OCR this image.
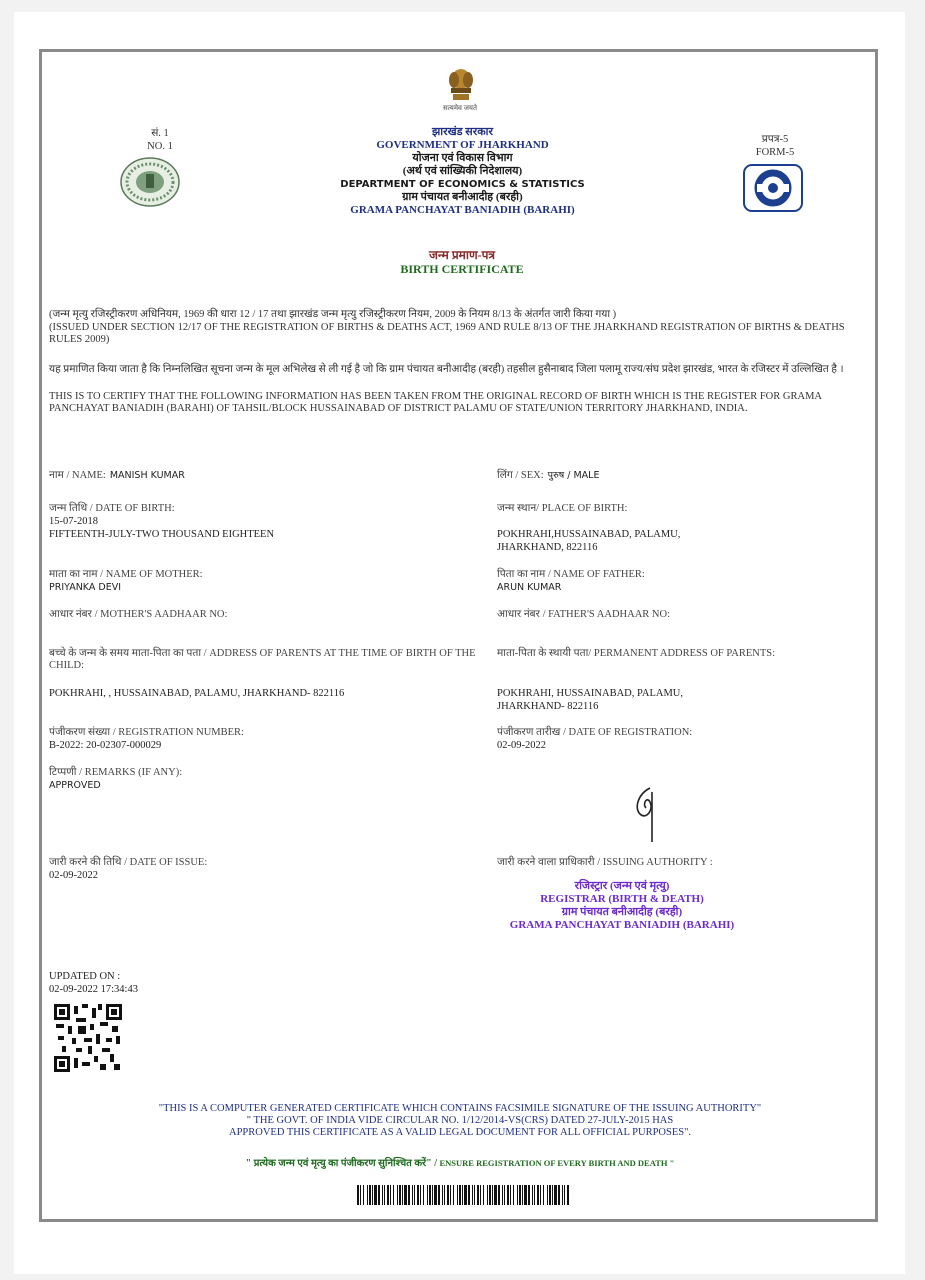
सत्यमेव जयते
सं. 1
NO. 1
झारखंड सरकार
GOVERNMENT OF JHARKHAND
योजना एवं विकास विभाग
(अर्थ एवं सांख्यिकी निदेशालय)
DEPARTMENT OF ECONOMICS & STATISTICS
ग्राम पंचायत बनीआदीह (बरही)
GRAMA PANCHAYAT BANIADIH (BARAHI)
प्रपत्र-5
FORM-5
जन्म प्रमाण-पत्र
BIRTH CERTIFICATE
(जन्म मृत्यु रजिस्ट्रीकरण अधिनियम, 1969 की धारा 12 / 17 तथा झारखंड जन्म मृत्यु रजिस्ट्रीकरण नियम, 2009 के नियम 8/13 के अंतर्गत जारी किया गया )
(ISSUED UNDER SECTION 12/17 OF THE REGISTRATION OF BIRTHS & DEATHS ACT, 1969 AND RULE 8/13 OF THE JHARKHAND REGISTRATION OF BIRTHS & DEATHS RULES 2009)
यह प्रमाणित किया जाता है कि निम्नलिखित सूचना जन्म के मूल अभिलेख से ली गई है जो कि ग्राम पंचायत बनीआदीह (बरही) तहसील हुसैनाबाद जिला पलामू राज्य/संघ प्रदेश झारखंड, भारत के रजिस्टर में उल्लिखित है ।
THIS IS TO CERTIFY THAT THE FOLLOWING INFORMATION HAS BEEN TAKEN FROM THE ORIGINAL RECORD OF BIRTH WHICH IS THE REGISTER FOR GRAMA PANCHAYAT BANIADIH (BARAHI) OF TAHSIL/BLOCK HUSSAINABAD OF DISTRICT PALAMU OF STATE/UNION TERRITORY JHARKHAND, INDIA.
नाम / NAME: MANISH KUMAR
जन्म तिथि / DATE OF BIRTH:
15-07-2018
FIFTEENTH-JULY-TWO THOUSAND EIGHTEEN
माता का नाम / NAME OF MOTHER:
PRIYANKA DEVI
आधार नंबर / MOTHER'S AADHAAR NO:
बच्चे के जन्म के समय माता-पिता का पता / ADDRESS OF PARENTS AT THE TIME OF BIRTH OF THE CHILD:
POKHRAHI, , HUSSAINABAD, PALAMU, JHARKHAND- 822116
पंजीकरण संख्या / REGISTRATION NUMBER:
B-2022: 20-02307-000029
टिप्पणी / REMARKS (IF ANY):
APPROVED
जारी करने की तिथि / DATE OF ISSUE:
02-09-2022
लिंग / SEX: पुरुष / MALE
जन्म स्थान/ PLACE OF BIRTH:
POKHRAHI,HUSSAINABAD, PALAMU,
JHARKHAND, 822116
पिता का नाम / NAME OF FATHER:
ARUN KUMAR
आधार नंबर / FATHER'S AADHAAR NO:
माता-पिता के स्थायी पता/ PERMANENT ADDRESS OF PARENTS:
POKHRAHI, HUSSAINABAD, PALAMU,
JHARKHAND- 822116
पंजीकरण तारीख / DATE OF REGISTRATION:
02-09-2022
जारी करने वाला प्राधिकारी / ISSUING AUTHORITY :
रजिस्ट्रार (जन्म एवं मृत्यु)
REGISTRAR (BIRTH & DEATH)
ग्राम पंचायत बनीआदीह (बरही)
GRAMA PANCHAYAT BANIADIH (BARAHI)
UPDATED ON :
02-09-2022 17:34:43
"THIS IS A COMPUTER GENERATED CERTIFICATE WHICH CONTAINS FACSIMILE SIGNATURE OF THE ISSUING AUTHORITY"
" THE GOVT. OF INDIA VIDE CIRCULAR NO. 1/12/2014-VS(CRS) DATED 27-JULY-2015 HAS
APPROVED THIS CERTIFICATE AS A VALID LEGAL DOCUMENT FOR ALL OFFICIAL PURPOSES".
" प्रत्येक जन्म एवं मृत्यु का पंजीकरण सुनिश्चित करें" / ENSURE REGISTRATION OF EVERY BIRTH AND DEATH "
